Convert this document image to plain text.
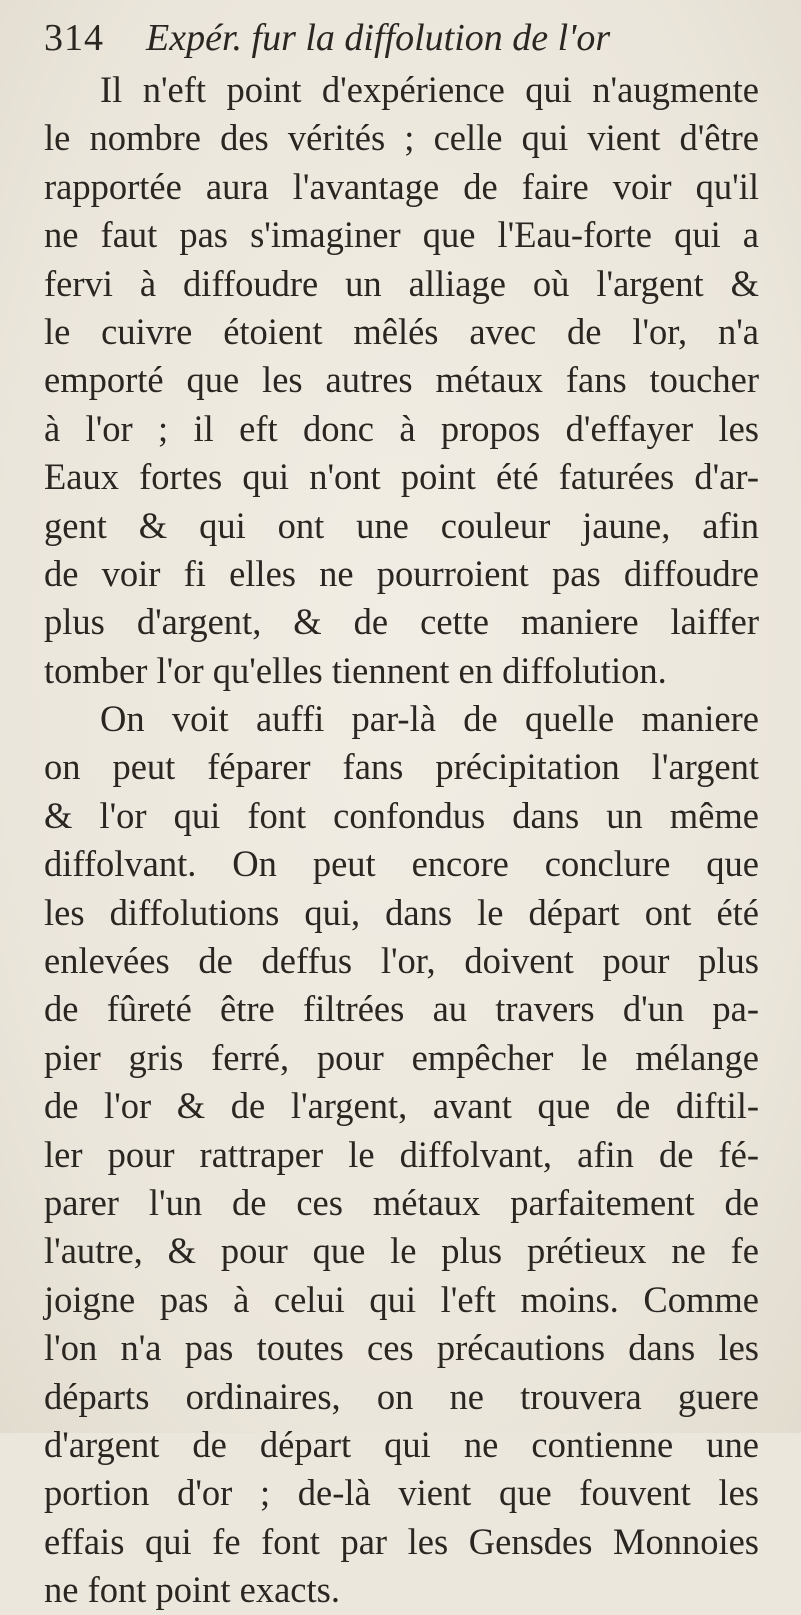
314 Expér. fur la diffolution de l'or
Il n'eft point d'expérience qui n'augmente
le nombre des vérités ; celle qui vient d'être
rapportée aura l'avantage de faire voir qu'il
ne faut pas s'imaginer que l'Eau-forte qui a
fervi à diffoudre un alliage où l'argent &
le cuivre étoient mêlés avec de l'or, n'a
emporté que les autres métaux fans toucher
à l'or ; il eft donc à propos d'effayer les
Eaux fortes qui n'ont point été faturées d'ar-
gent & qui ont une couleur jaune, afin
de voir fi elles ne pourroient pas diffoudre
plus d'argent, & de cette maniere laiffer
tomber l'or qu'elles tiennent en diffolution.
On voit auffi par-là de quelle maniere
on peut féparer fans précipitation l'argent
& l'or qui font confondus dans un même
diffolvant. On peut encore conclure que
les diffolutions qui, dans le départ ont été
enlevées de deffus l'or, doivent pour plus
de fûreté être filtrées au travers d'un pa-
pier gris ferré, pour empêcher le mélange
de l'or & de l'argent, avant que de diftil-
ler pour rattraper le diffolvant, afin de fé-
parer l'un de ces métaux parfaitement de
l'autre, & pour que le plus prétieux ne fe
joigne pas à celui qui l'eft moins. Comme
l'on n'a pas toutes ces précautions dans les
départs ordinaires, on ne trouvera guere
d'argent de départ qui ne contienne une
portion d'or ; de-là vient que fouvent les
effais qui fe font par les Gensdes Monnoies
ne font point exacts.
